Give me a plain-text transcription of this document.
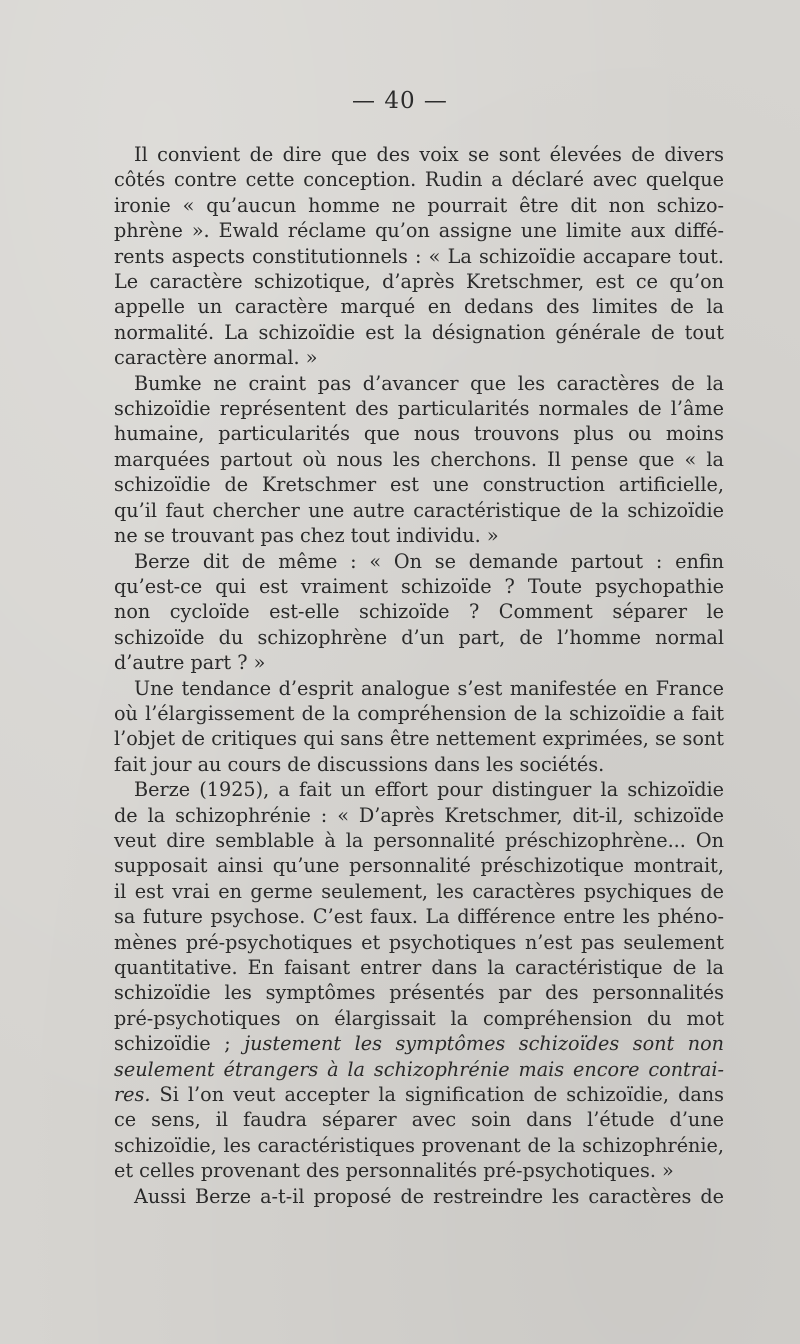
— 40 —
Il convient de dire que des voix se sont élevées de divers
côtés contre cette conception. Rudin a déclaré avec quelque
ironie « qu’aucun homme ne pourrait être dit non schizo-
phrène ». Ewald réclame qu’on assigne une limite aux diffé-
rents aspects constitutionnels : « La schizoïdie accapare tout.
Le caractère schizotique, d’après Kretschmer, est ce qu’on
appelle un caractère marqué en dedans des limites de la
normalité. La schizoïdie est la désignation générale de tout
caractère anormal. »
Bumke ne craint pas d’avancer que les caractères de la
schizoïdie représentent des particularités normales de l’âme
humaine, particularités que nous trouvons plus ou moins
marquées partout où nous les cherchons. Il pense que « la
schizoïdie de Kretschmer est une construction artificielle,
qu’il faut chercher une autre caractéristique de la schizoïdie
ne se trouvant pas chez tout individu. »
Berze dit de même : « On se demande partout : enfin
qu’est-ce qui est vraiment schizoïde ? Toute psychopathie
non cycloïde est-elle schizoïde ? Comment séparer le
schizoïde du schizophrène d’un part, de l’homme normal
d’autre part ? »
Une tendance d’esprit analogue s’est manifestée en France
où l’élargissement de la compréhension de la schizoïdie a fait
l’objet de critiques qui sans être nettement exprimées, se sont
fait jour au cours de discussions dans les sociétés.
Berze (1925), a fait un effort pour distinguer la schizoïdie
de la schizophrénie : « D’après Kretschmer, dit-il, schizoïde
veut dire semblable à la personnalité préschizophrène... On
supposait ainsi qu’une personnalité préschizotique montrait,
il est vrai en germe seulement, les caractères psychiques de
sa future psychose. C’est faux. La différence entre les phéno-
mènes pré-psychotiques et psychotiques n’est pas seulement
quantitative. En faisant entrer dans la caractéristique de la
schizoïdie les symptômes présentés par des personnalités
pré-psychotiques on élargissait la compréhension du mot
schizoïdie ; justement les symptômes schizoïdes sont non
seulement étrangers à la schizophrénie mais encore contrai-
res. Si l’on veut accepter la signification de schizoïdie, dans
ce sens, il faudra séparer avec soin dans l’étude d’une
schizoïdie, les caractéristiques provenant de la schizophrénie,
et celles provenant des personnalités pré-psychotiques. »
Aussi Berze a-t-il proposé de restreindre les caractères de
